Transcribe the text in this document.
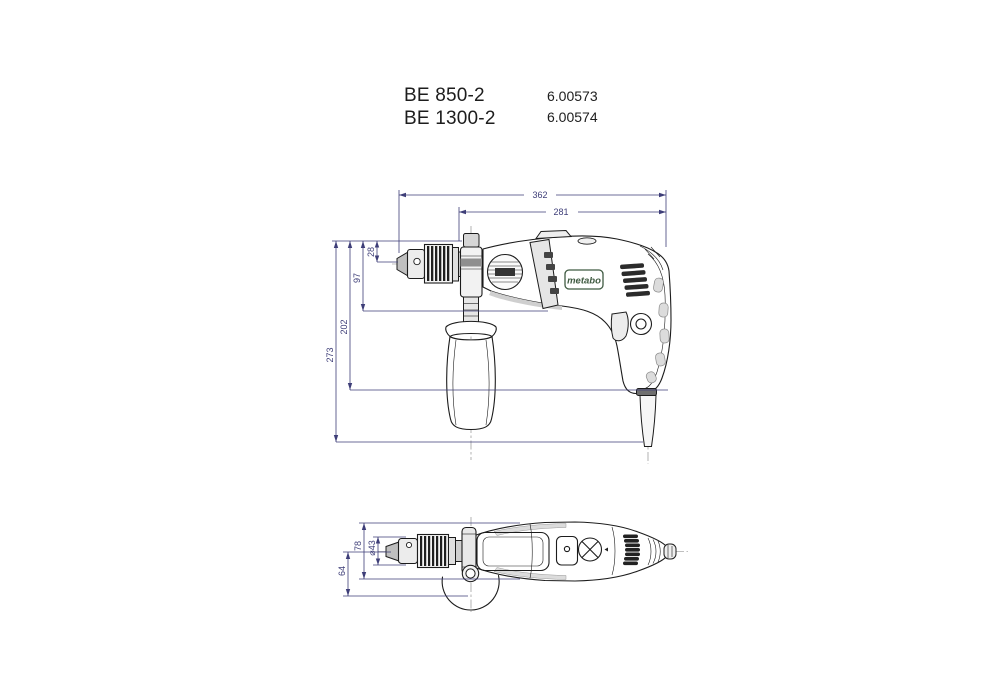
BE 850-2
BE 1300-2
6.00573
6.00574
metabo
362
281
273
202
97
28
78 ⌀43
64
